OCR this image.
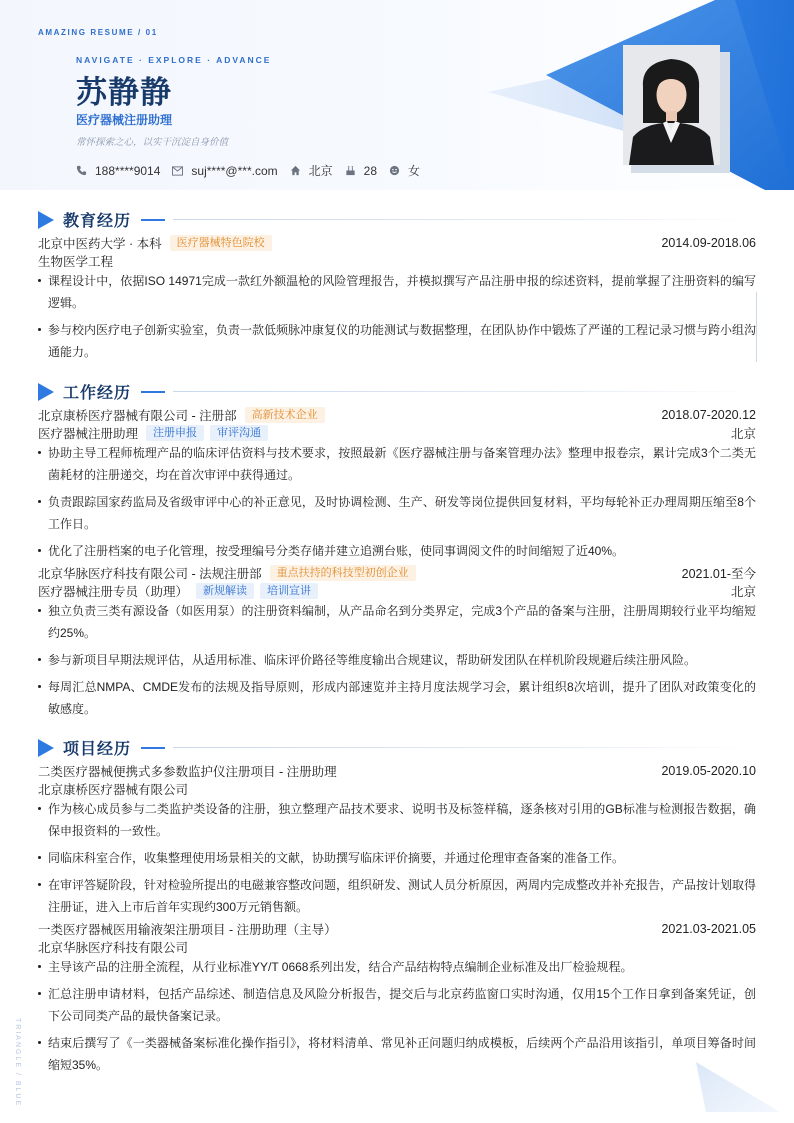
AMAZING RESUME / 01
NAVIGATE · EXPLORE · ADVANCE
苏静静
医疗器械注册助理
常怀探索之心，以实干沉淀自身价值
188****9014	suj****@***.com	北京	28	女
教育经历
北京中医药大学 · 本科	医疗器械特色院校	2014.09-2018.06
生物医学工程
课程设计中，依据ISO 14971完成一款红外额温枪的风险管理报告，并模拟撰写产品注册申报的综述资料，提前掌握了注册资料的编写逻辑。
参与校内医疗电子创新实验室，负责一款低频脉冲康复仪的功能测试与数据整理，在团队协作中锻炼了严谨的工程记录习惯与跨小组沟通能力。
工作经历
北京康桥医疗器械有限公司 - 注册部	高新技术企业	2018.07-2020.12
医疗器械注册助理	注册申报	审评沟通	北京
协助主导工程师梳理产品的临床评估资料与技术要求，按照最新《医疗器械注册与备案管理办法》整理申报卷宗，累计完成3个二类无菌耗材的注册递交，均在首次审评中获得通过。
负责跟踪国家药监局及省级审评中心的补正意见，及时协调检测、生产、研发等岗位提供回复材料，平均每轮补正办理周期压缩至8个工作日。
优化了注册档案的电子化管理，按受理编号分类存储并建立追溯台账，使同事调阅文件的时间缩短了近40%。
北京华脉医疗科技有限公司 - 法规注册部	重点扶持的科技型初创企业	2021.01-至今
医疗器械注册专员（助理）	新规解读	培训宣讲	北京
独立负责三类有源设备（如医用泵）的注册资料编制，从产品命名到分类界定，完成3个产品的备案与注册，注册周期较行业平均缩短约25%。
参与新项目早期法规评估，从适用标准、临床评价路径等维度输出合规建议，帮助研发团队在样机阶段规避后续注册风险。
每周汇总NMPA、CMDE发布的法规及指导原则，形成内部速览并主持月度法规学习会，累计组织8次培训，提升了团队对政策变化的敏感度。
项目经历
二类医疗器械便携式多参数监护仪注册项目 - 注册助理	2019.05-2020.10
北京康桥医疗器械有限公司
作为核心成员参与二类监护类设备的注册，独立整理产品技术要求、说明书及标签样稿，逐条核对引用的GB标准与检测报告数据，确保申报资料的一致性。
同临床科室合作，收集整理使用场景相关的文献，协助撰写临床评价摘要，并通过伦理审查备案的准备工作。
在审评答疑阶段，针对检验所提出的电磁兼容整改问题，组织研发、测试人员分析原因，两周内完成整改并补充报告，产品按计划取得注册证，进入上市后首年实现约300万元销售额。
一类医疗器械医用输液架注册项目 - 注册助理（主导）	2021.03-2021.05
北京华脉医疗科技有限公司
主导该产品的注册全流程，从行业标准YY/T 0668系列出发，结合产品结构特点编制企业标准及出厂检验规程。
汇总注册申请材料，包括产品综述、制造信息及风险分析报告，提交后与北京药监窗口实时沟通，仅用15个工作日拿到备案凭证，创下公司同类产品的最快备案记录。
结束后撰写了《一类器械备案标准化操作指引》，将材料清单、常见补正问题归纳成模板，后续两个产品沿用该指引，单项目筹备时间缩短35%。
TRIANGLE / BLUE
